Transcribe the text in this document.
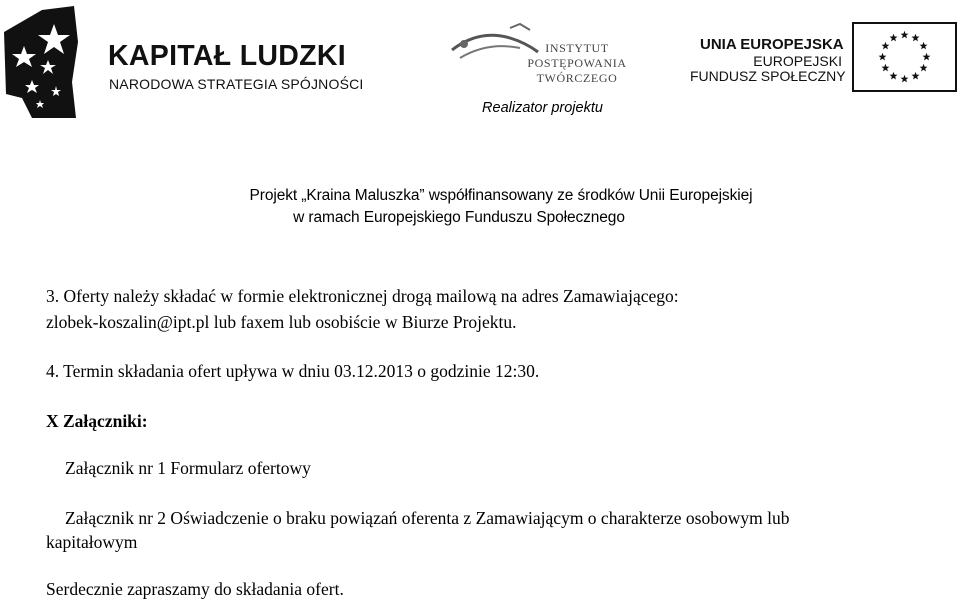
KAPITAŁ LUDZKI
NARODOWA STRATEGIA SPÓJNOŚCI
INSTYTUT
POSTĘPOWANIA
TWÓRCZEGO
Realizator projektu
UNIA EUROPEJSKA
EUROPEJSKI
FUNDUSZ SPOŁECZNY
Projekt „Kraina Maluszka” współfinansowany ze środków Unii Europejskiej
w ramach Europejskiego Funduszu Społecznego
3. Oferty należy składać w formie elektronicznej drogą mailową na adres Zamawiającego:
zlobek-koszalin@ipt.pl lub faxem lub osobiście w Biurze Projektu.
4. Termin składania ofert upływa w dniu 03.12.2013 o godzinie 12:30.
X Załączniki:
Załącznik nr 1 Formularz ofertowy
Załącznik nr 2 Oświadczenie o braku powiązań oferenta z Zamawiającym o charakterze osobowym lub
kapitałowym
Serdecznie zapraszamy do składania ofert.
